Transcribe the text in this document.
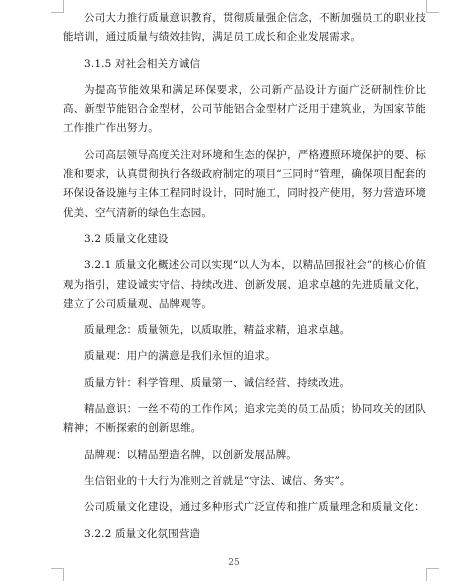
公司大力推行质量意识教育，贯彻质量强企信念，不断加强员工的职业技能培训，通过质量与绩效挂钩，满足员工成长和企业发展需求。

3.1.5 对社会相关方诚信

为提高节能效果和满足环保要求，公司新产品设计方面广泛研制性价比高、新型节能铝合金型材，公司节能铝合金型材广泛用于建筑业，为国家节能工作推广作出努力。

公司高层领导高度关注对环境和生态的保护，严格遵照环境保护的要、标准和要求，认真贯彻执行各级政府制定的项目“三同时”管理，确保项目配套的环保设备设施与主体工程同时设计，同时施工，同时投产使用，努力营造环境优美、空气清新的绿色生态园。

3.2 质量文化建设

3.2.1 质量文化概述公司以实现“以人为本，以精品回报社会”的核心价值观为指引，建设诚实守信、持续改进、创新发展、追求卓越的先进质量文化，建立了公司质量观、品牌观等。

质量理念：质量领先，以质取胜，精益求精，追求卓越。

质量观：用户的满意是我们永恒的追求。

质量方针：科学管理、质量第一、诚信经营、持续改进。

精品意识：一丝不苟的工作作风；追求完美的员工品质；协同攻关的团队精神；不断探索的创新思维。

品牌观：以精品塑造名牌，以创新发展品牌。

生信铝业的十大行为准则之首就是“守法、诚信、务实”。

公司质量文化建设，通过多种形式广泛宣传和推广质量理念和质量文化：

3.2.2 质量文化氛围营造

25
